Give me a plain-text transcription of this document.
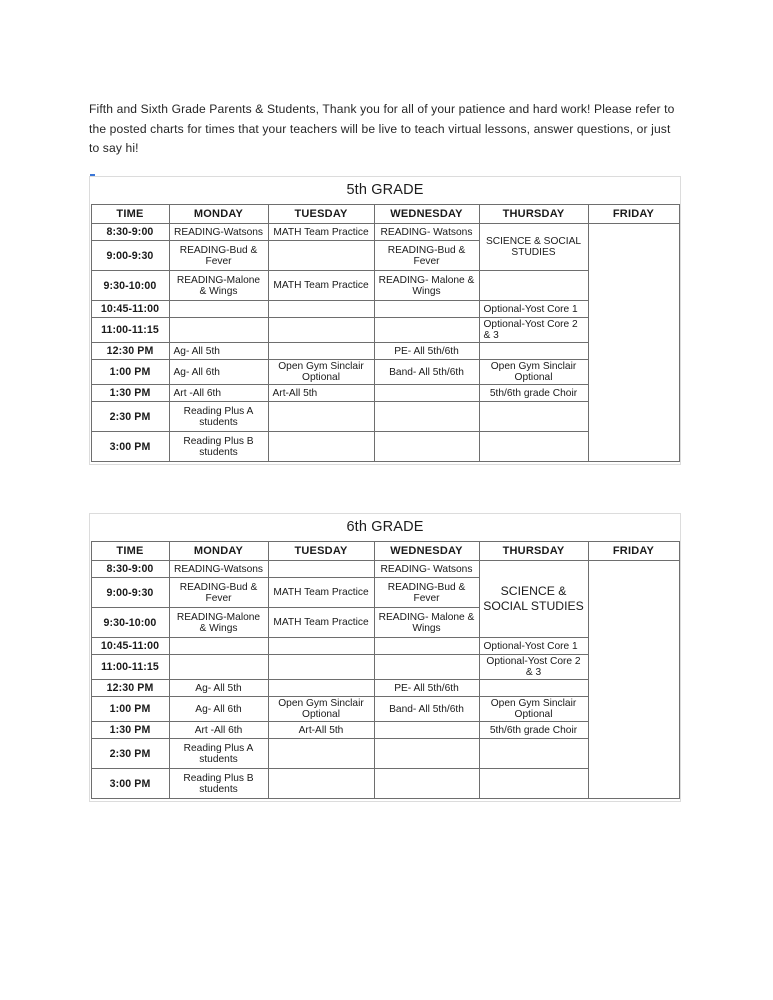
Fifth and Sixth Grade Parents & Students, Thank you for all of your patience and hard work! Please refer to the posted charts for times that your teachers will be live to teach virtual lessons, answer questions, or just to say hi!

5th GRADE
TIME	MONDAY	TUESDAY	WEDNESDAY	THURSDAY	FRIDAY
8:30-9:00	READING-Watsons	MATH Team Practice	READING- Watsons	SCIENCE & SOCIAL STUDIES	
9:00-9:30	READING-Bud & Fever		READING-Bud & Fever		
9:30-10:00	READING-Malone & Wings	MATH Team Practice	READING- Malone & Wings		
10:45-11:00				Optional-Yost Core 1	
11:00-11:15				Optional-Yost Core 2 & 3	
12:30 PM	Ag- All 5th		PE- All 5th/6th		
1:00 PM	Ag- All 6th	Open Gym Sinclair Optional	Band- All 5th/6th	Open Gym Sinclair Optional	
1:30 PM	Art -All 6th	Art-All 5th		5th/6th grade Choir	
2:30 PM	Reading Plus A students				
3:00 PM	Reading Plus B students				
6th GRADE
TIME	MONDAY	TUESDAY	WEDNESDAY	THURSDAY	FRIDAY
8:30-9:00	READING-Watsons		READING- Watsons	SCIENCE & SOCIAL STUDIES	
9:00-9:30	READING-Bud & Fever	MATH Team Practice	READING-Bud & Fever		
9:30-10:00	READING-Malone & Wings	MATH Team Practice	READING- Malone & Wings		
10:45-11:00				Optional-Yost Core 1	
11:00-11:15				Optional-Yost Core 2 & 3	
12:30 PM	Ag- All 5th		PE- All 5th/6th		
1:00 PM	Ag- All 6th	Open Gym Sinclair Optional	Band- All 5th/6th	Open Gym Sinclair Optional	
1:30 PM	Art -All 6th	Art-All 5th		5th/6th grade Choir	
2:30 PM	Reading Plus A students				
3:00 PM	Reading Plus B students				
